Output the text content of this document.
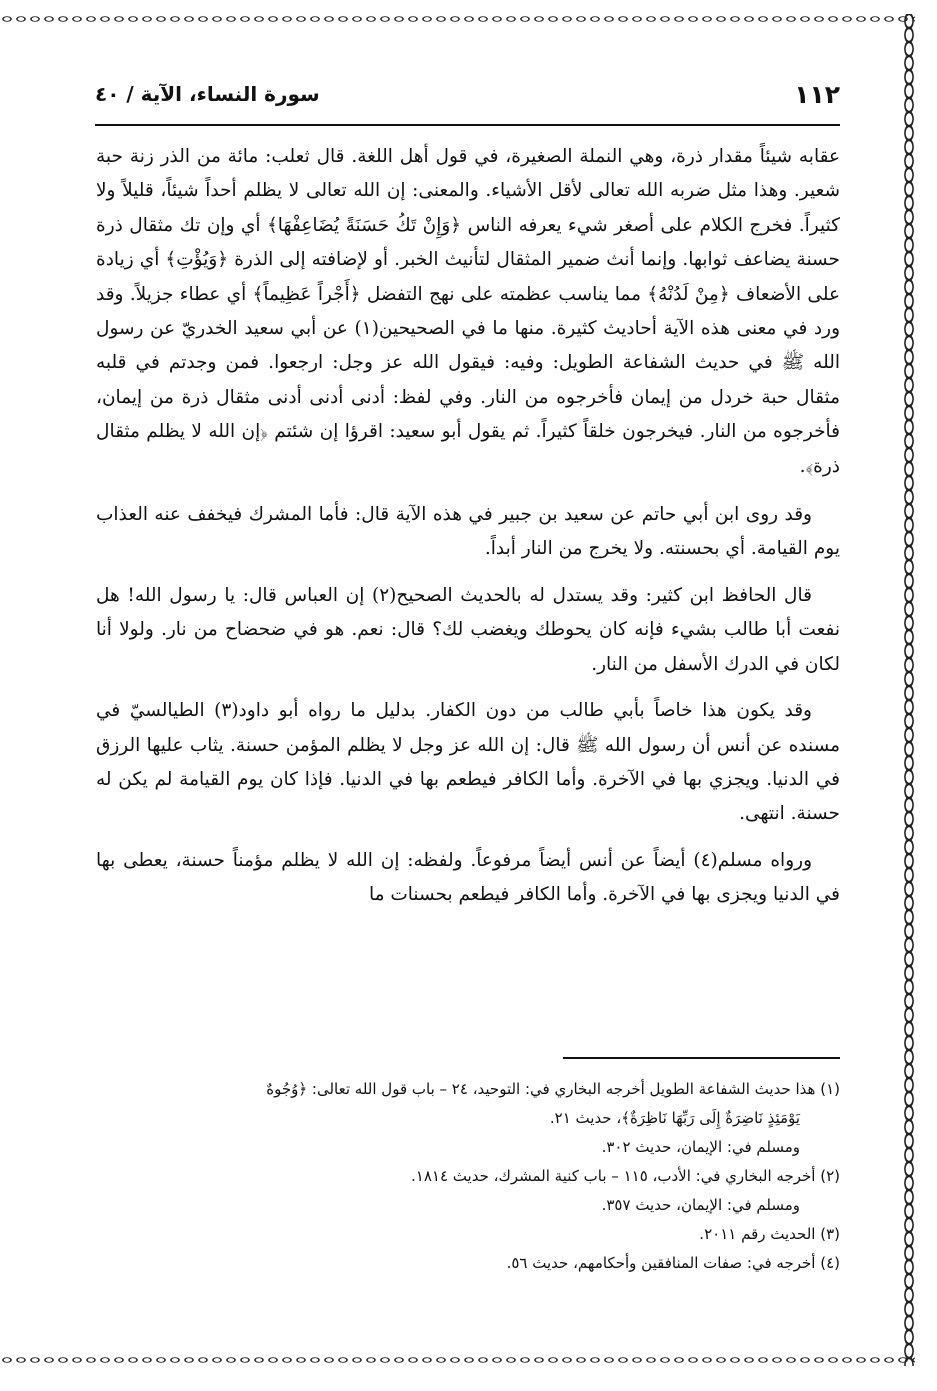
١١٢
سورة النساء، الآية / ٤٠

عقابه شيئاً مقدار ذرة، وهي النملة الصغيرة، في قول أهل اللغة. قال ثعلب: مائة من الذر زنة حبة شعير. وهذا مثل ضربه الله تعالى لأقل الأشياء. والمعنى: إن الله تعالى لا يظلم أحداً شيئاً، قليلاً ولا كثيراً. فخرج الكلام على أصغر شيء يعرفه الناس ﴿وَإِنْ تَكُ حَسَنَةً يُضَاعِفْهَا﴾ أي وإن تك مثقال ذرة حسنة يضاعف ثوابها. وإنما أنث ضمير المثقال لتأنيث الخبر. أو لإضافته إلى الذرة ﴿وَيُؤْتِ﴾ أي زيادة على الأضعاف ﴿مِنْ لَدُنْهُ﴾ مما يناسب عظمته على نهج التفضل ﴿أَجْراً عَظِيماً﴾ أي عطاء جزيلاً. وقد ورد في معنى هذه الآية أحاديث كثيرة. منها ما في الصحيحين(١) عن أبي سعيد الخدريّ عن رسول الله ﷺ في حديث الشفاعة الطويل: وفيه: فيقول الله عز وجل: ارجعوا. فمن وجدتم في قلبه مثقال حبة خردل من إيمان فأخرجوه من النار. وفي لفظ: أدنى أدنى أدنى مثقال ذرة من إيمان، فأخرجوه من النار. فيخرجون خلقاً كثيراً. ثم يقول أبو سعيد: اقرؤا إن شئتم ﴿إن الله لا يظلم مثقال ذرة﴾.

وقد روى ابن أبي حاتم عن سعيد بن جبير في هذه الآية قال: فأما المشرك فيخفف عنه العذاب يوم القيامة. أي بحسنته. ولا يخرج من النار أبداً.

قال الحافظ ابن كثير: وقد يستدل له بالحديث الصحيح(٢) إن العباس قال: يا رسول الله! هل نفعت أبا طالب بشيء فإنه كان يحوطك ويغضب لك؟ قال: نعم. هو في ضحضاح من نار. ولولا أنا لكان في الدرك الأسفل من النار.

وقد يكون هذا خاصاً بأبي طالب من دون الكفار. بدليل ما رواه أبو داود(٣) الطيالسيّ في مسنده عن أنس أن رسول الله ﷺ قال: إن الله عز وجل لا يظلم المؤمن حسنة. يثاب عليها الرزق في الدنيا. ويجزي بها في الآخرة. وأما الكافر فيطعم بها في الدنيا. فإذا كان يوم القيامة لم يكن له حسنة. انتهى.

ورواه مسلم(٤) أيضاً عن أنس أيضاً مرفوعاً. ولفظه: إن الله لا يظلم مؤمناً حسنة، يعطى بها في الدنيا ويجزى بها في الآخرة. وأما الكافر فيطعم بحسنات ما

(١) هذا حديث الشفاعة الطويل أخرجه البخاري في: التوحيد، ٢٤ – باب قول الله تعالى: ﴿وُجُوهٌ
يَوْمَئِذٍ نَاضِرَةٌ إِلَى رَبِّهَا نَاظِرَةٌ﴾، حديث ٢١.
ومسلم في: الإيمان، حديث ٣٠٢.
(٢) أخرجه البخاري في: الأدب، ١١٥ – باب كنية المشرك، حديث ١٨١٤.
ومسلم في: الإيمان، حديث ٣٥٧.
(٣) الحديث رقم ٢٠١١.
(٤) أخرجه في: صفات المنافقين وأحكامهم، حديث ٥٦.
